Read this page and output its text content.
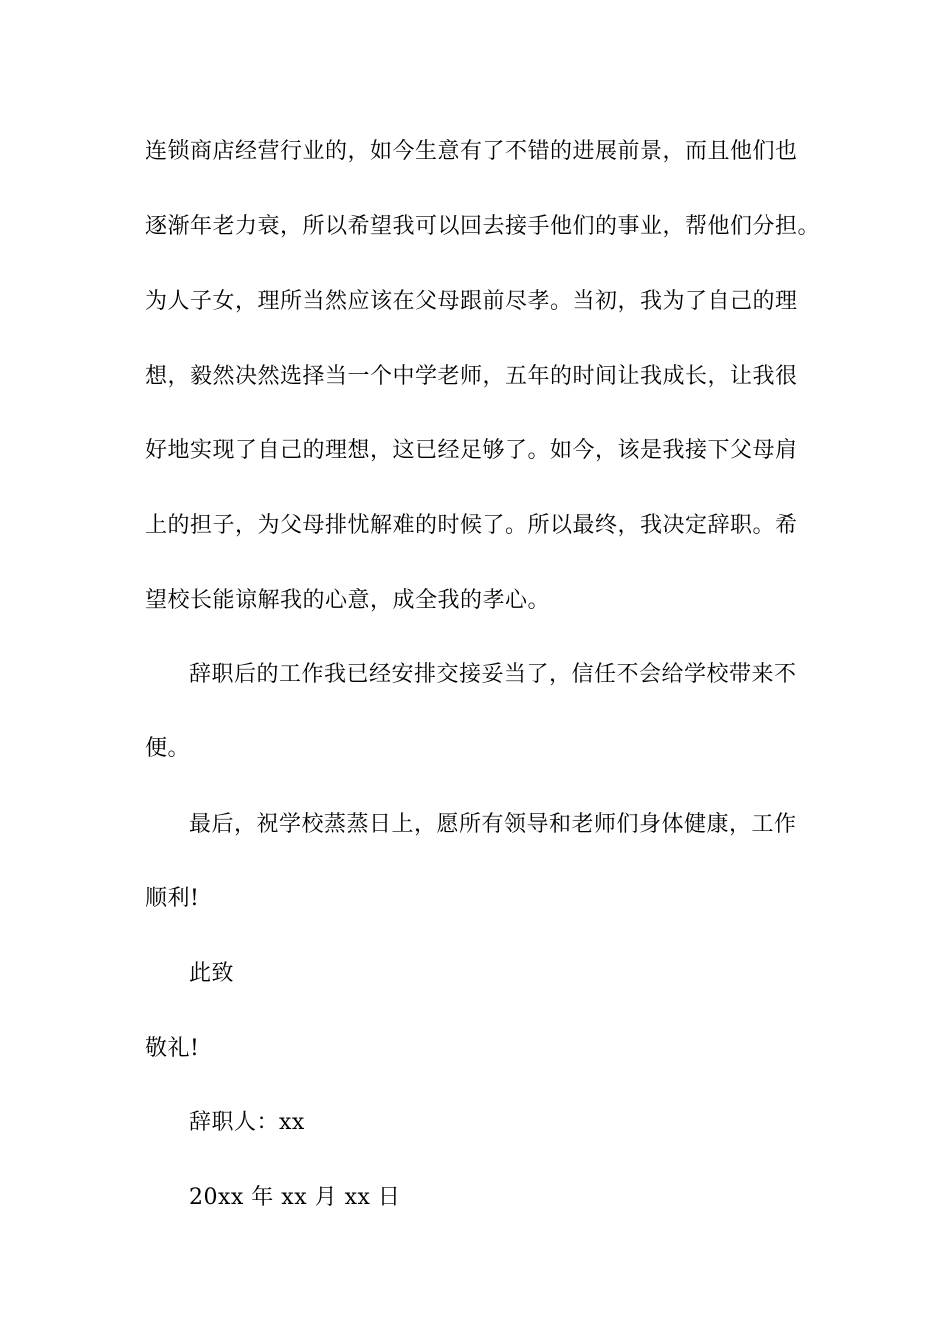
连锁商店经营行业的，如今生意有了不错的进展前景，而且他们也
逐渐年老力衰，所以希望我可以回去接手他们的事业，帮他们分担。
为人子女，理所当然应该在父母跟前尽孝。当初，我为了自己的理
想，毅然决然选择当一个中学老师，五年的时间让我成长，让我很
好地实现了自己的理想，这已经足够了。如今，该是我接下父母肩
上的担子，为父母排忧解难的时候了。所以最终，我决定辞职。希
望校长能谅解我的心意，成全我的孝心。
辞职后的工作我已经安排交接妥当了，信任不会给学校带来不
便。
最后，祝学校蒸蒸日上，愿所有领导和老师们身体健康，工作
顺利!
此致
敬礼!
辞职人：xx
20xx 年 xx 月 xx 日
